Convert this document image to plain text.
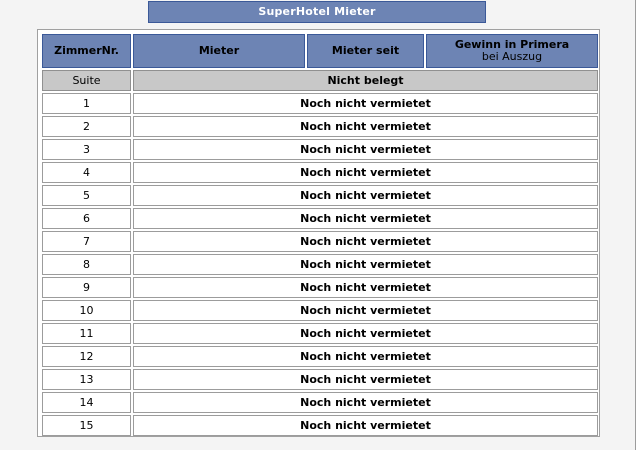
SuperHotel Mieter
ZimmerNr.	Mieter	Mieter seit	Gewinn in Primera
bei Auszug

Suite	Nicht belegt		
1	Noch nicht vermietet		
2	Noch nicht vermietet		
3	Noch nicht vermietet		
4	Noch nicht vermietet		
5	Noch nicht vermietet		
6	Noch nicht vermietet		
7	Noch nicht vermietet		
8	Noch nicht vermietet		
9	Noch nicht vermietet		
10	Noch nicht vermietet		
11	Noch nicht vermietet		
12	Noch nicht vermietet		
13	Noch nicht vermietet		
14	Noch nicht vermietet		
15	Noch nicht vermietet		
